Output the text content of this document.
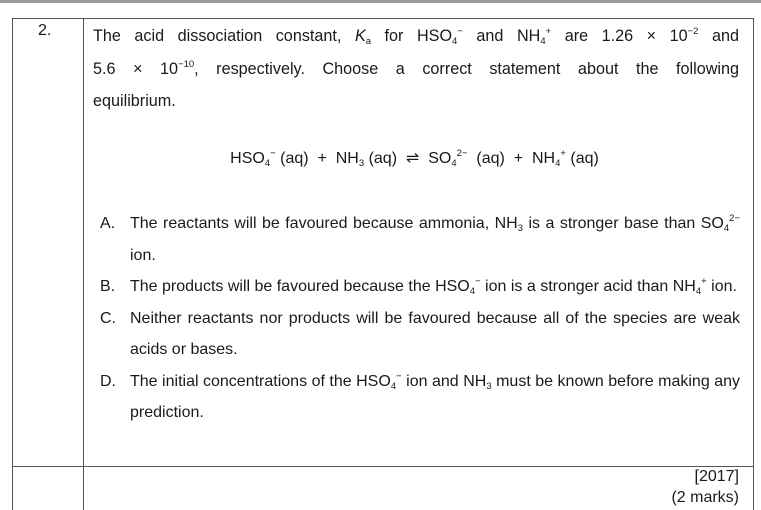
2.	The acid dissociation constant, $K_a$ for $HSO_4^-$ and $NH_4^+$ are $1.26 \times 10^{-2}$ and
$5.6 \times 10^{-10}$, respectively. Choose a correct statement about the following
equilibrium.
$HSO_4^-$ $(aq) + NH_3$ (aq)  ⇌  $SO_4^{2-}$  $(aq) + NH_4^+$ (aq)
A. The reactants will be favoured because ammonia, $NH_3$ is a stronger base than $SO_4^{2-}$ ion.
B. The products will be favoured because the $HSO_4^-$ ion is a stronger acid than $NH_4^+$ ion.
C. Neither reactants nor products will be favoured because all of the species are weak acids or bases.
D. The initial concentrations of the $HSO_4^-$ ion and $NH_3$ must be known before making any prediction.
[2017]
(2 marks)
